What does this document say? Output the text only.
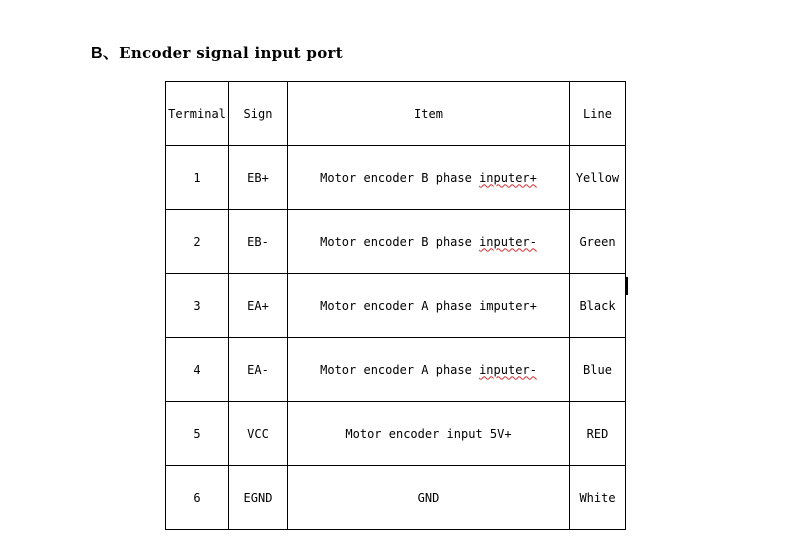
B、Encoder signal input port
Terminal	Sign	Item	Line
1	EB+	Motor encoder B phase inputer+	Yellow
2	EB-	Motor encoder B phase inputer-	Green
3	EA+	Motor encoder A phase imputer+	Black
4	EA-	Motor encoder A phase inputer-	Blue
5	VCC	Motor encoder input 5V+	RED
6	EGND	GND	White
